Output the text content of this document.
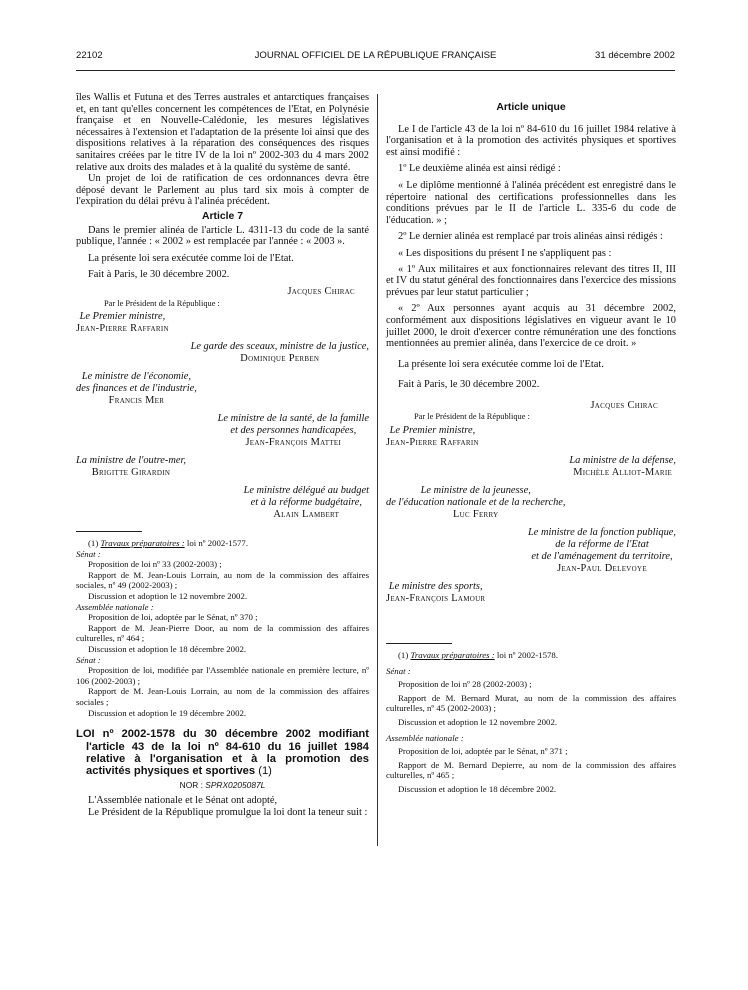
22102	JOURNAL OFFICIEL DE LA RÉPUBLIQUE FRANÇAISE	31 décembre 2002

îles Wallis et Futuna et des Terres australes et antarctiques françaises et, en tant qu'elles concernent les compétences de l'Etat, en Polynésie française et en Nouvelle-Calédonie, les mesures législatives nécessaires à l'extension et l'adaptation de la présente loi ainsi que des dispositions relatives à la réparation des conséquences des risques sanitaires créées par le titre IV de la loi nº 2002-303 du 4 mars 2002 relative aux droits des malades et à la qualité du système de santé.

Un projet de loi de ratification de ces ordonnances devra être déposé devant le Parlement au plus tard six mois à compter de l'expiration du délai prévu à l'alinéa précédent.

Article 7

Dans le premier alinéa de l'article L. 4311-13 du code de la santé publique, l'année : « 2002 » est remplacée par l'année : « 2003 ».

La présente loi sera exécutée comme loi de l'Etat.

Fait à Paris, le 30 décembre 2002.

Jacques Chirac

Par le Président de la République :

Le Premier ministre,
Jean-Pierre Raffarin
Le garde des sceaux, ministre de la justice,
Dominique Perben
Le ministre de l'économie,
des finances et de l'industrie,
Francis Mer
Le ministre de la santé, de la famille
et des personnes handicapées,
Jean-François Mattei
La ministre de l'outre-mer,
Brigitte Girardin
Le ministre délégué au budget
et à la réforme budgétaire,
Alain Lambert

(1) Travaux préparatoires : loi nº 2002-1577.

Sénat :

Proposition de loi nº 33 (2002-2003) ;

Rapport de M. Jean-Louis Lorrain, au nom de la commission des affaires sociales, nº 49 (2002-2003) ;

Discussion et adoption le 12 novembre 2002.

Assemblée nationale :

Proposition de loi, adoptée par le Sénat, nº 370 ;

Rapport de M. Jean-Pierre Door, au nom de la commission des affaires culturelles, nº 464 ;

Discussion et adoption le 18 décembre 2002.

Sénat :

Proposition de loi, modifiée par l'Assemblée nationale en première lecture, nº 106 (2002-2003) ;

Rapport de M. Jean-Louis Lorrain, au nom de la commission des affaires sociales ;

Discussion et adoption le 19 décembre 2002.

LOI nº 2002-1578 du 30 décembre 2002 modifiant l'article 43 de la loi nº 84-610 du 16 juillet 1984 relative à l'organisation et à la promotion des activités physiques et sportives (1)
NOR : SPRX0205087L

L'Assemblée nationale et le Sénat ont adopté,

Le Président de la République promulgue la loi dont la teneur suit :

Article unique

Le I de l'article 43 de la loi nº 84-610 du 16 juillet 1984 relative à l'organisation et à la promotion des activités physiques et sportives est ainsi modifié :

1º Le deuxième alinéa est ainsi rédigé :

« Le diplôme mentionné à l'alinéa précédent est enregistré dans le répertoire national des certifications professionnelles dans les conditions prévues par le II de l'article L. 335-6 du code de l'éducation. » ;

2º Le dernier alinéa est remplacé par trois alinéas ainsi rédigés :

« Les dispositions du présent I ne s'appliquent pas :

« 1º Aux militaires et aux fonctionnaires relevant des titres II, III et IV du statut général des fonctionnaires dans l'exercice des missions prévues par leur statut particulier ;

« 2º Aux personnes ayant acquis au 31 décembre 2002, conformément aux dispositions législatives en vigueur avant le 10 juillet 2000, le droit d'exercer contre rémunération une des fonctions mentionnées au premier alinéa, dans l'exercice de ce droit. »

La présente loi sera exécutée comme loi de l'Etat.

Fait à Paris, le 30 décembre 2002.

Jacques Chirac

Par le Président de la République :

Le Premier ministre,
Jean-Pierre Raffarin
La ministre de la défense,
Michèle Alliot-Marie
Le ministre de la jeunesse,
de l'éducation nationale et de la recherche,
Luc Ferry
Le ministre de la fonction publique,
de la réforme de l'Etat
et de l'aménagement du territoire,
Jean-Paul Delevoye
Le ministre des sports,
Jean-François Lamour

(1) Travaux préparatoires : loi nº 2002-1578.

Sénat :

Proposition de loi nº 28 (2002-2003) ;

Rapport de M. Bernard Murat, au nom de la commission des affaires culturelles, nº 45 (2002-2003) ;

Discussion et adoption le 12 novembre 2002.

Assemblée nationale :

Proposition de loi, adoptée par le Sénat, nº 371 ;

Rapport de M. Bernard Depierre, au nom de la commission des affaires culturelles, nº 465 ;

Discussion et adoption le 18 décembre 2002.
